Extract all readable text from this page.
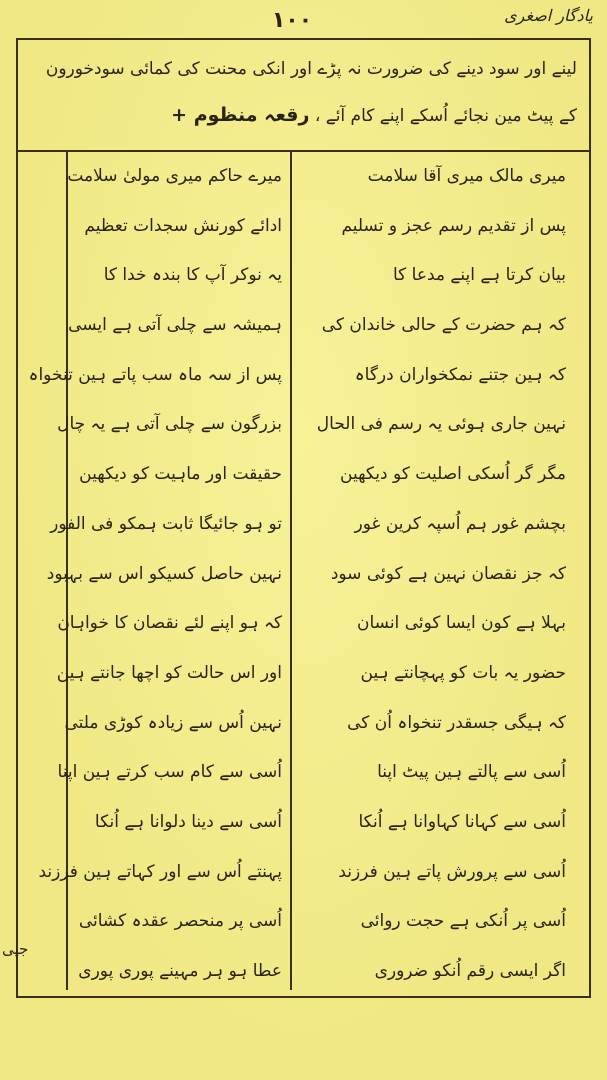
۱۰۰	یادگار اصغری
لینے اور سود دینے کی ضرورت نہ پڑے اور انکی محنت کی کمائی سودخورون
کے پیٹ مین نجائے اُسکے اپنے کام آئے ، رقعہ منظوم +
میری مالک میری آقا سلامت
پس از تقدیم رسم عجز و تسلیم
بیان کرتا ہے اپنے مدعا کا
کہ ہم حضرت کے حالی خاندان کی
کہ ہین جتنے نمکخواران درگاہ
نہین جاری ہوئی یہ رسم فی الحال
مگر گر اُسکی اصلیت کو دیکھین
بچشم غور ہم اُسپہ کرین غور
کہ جز نقصان نہین ہے کوئی سود
بہلا ہے کون ایسا کوئی انسان
حضور یہ بات کو پہچانتے ہین
کہ ہیگی جسقدر تنخواہ اُن کی
اُسی سے پالتے ہین پیٹ اپنا
اُسی سے کہانا کہاوانا ہے اُنکا
اُسی سے پرورش پاتے ہین فرزند
اُسی پر اُنکی ہے حجت روائی
اگر ایسی رقم اُنکو ضروری
میرے حاکم میری مولیٰ سلامت
ادائے کورنش سجدات تعظیم
یہ نوکر آپ کا بندہ خدا کا
ہمیشہ سے چلی آتی ہے ایسی
پس از سہ ماہ سب پاتے ہین تنخواہ
بزرگون سے چلی آتی ہے یہ چال
حقیقت اور ماہیت کو دیکھین
تو ہو جائیگا ثابت ہمکو فی الفور
نہین حاصل کسیکو اس سے بہبود
کہ ہو اپنے لئے نقصان کا خواہان
اور اس حالت کو اچھا جانتے ہین
نہین اُس سے زیادہ کوڑی ملتی
اُسی سے کام سب کرتے ہین اپنا
اُسی سے دینا دلوانا ہے اُنکا
پہنتے اُس سے اور کہاتے ہین فرزند
اُسی پر منحصر عقدہ کشائی
عطا ہو ہر مہینے پوری پوری
جیی
